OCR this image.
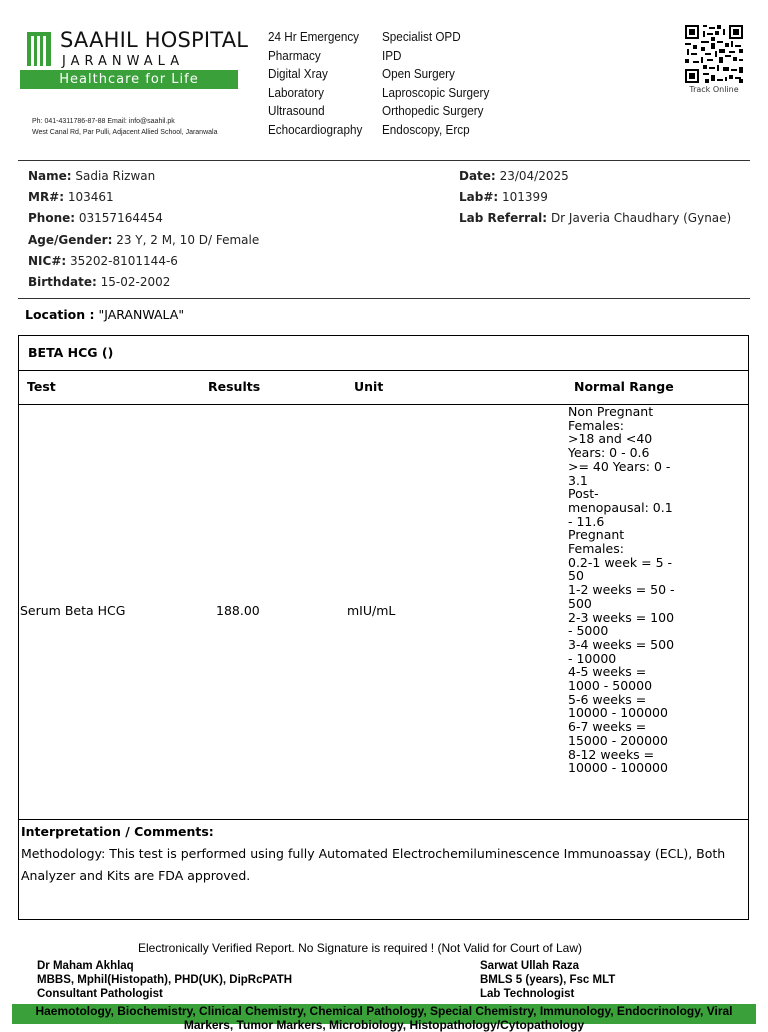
SAAHIL HOSPITAL
JARANWALA
Healthcare for Life
Ph: 041-4311786-87-88 Email: info@saahil.pk
West Canal Rd, Par Pulli, Adjacent Allied School, Jaranwala
24 Hr Emergency
Pharmacy
Digital Xray
Laboratory
Ultrasound
Echocardiography
Specialist OPD
IPD
Open Surgery
Laproscopic Surgery
Orthopedic Surgery
Endoscopy, Ercp
Track Online
Name: Sadia Rizwan
MR#: 103461
Phone: 03157164454
Age/Gender: 23 Y, 2 M, 10 D/ Female
NIC#: 35202-8101144-6
Birthdate: 15-02-2002
Date: 23/04/2025
Lab#: 101399
Lab Referral: Dr Javeria Chaudhary (Gynae)
Location : "JARANWALA"
BETA HCG ()
Test	Results	Unit	Normal Range
Serum Beta HCG	188.00	mIU/mL
Non Pregnant Females:
>18 and <40 Years: 0 - 0.6
>= 40 Years: 0 - 3.1
Post-menopausal: 0.1 - 11.6
Pregnant Females:
0.2-1 week = 5 - 50
1-2 weeks = 50 - 500
2-3 weeks = 100 - 5000
3-4 weeks = 500 - 10000
4-5 weeks = 1000 - 50000
5-6 weeks = 10000 - 100000
6-7 weeks = 15000 - 200000
8-12 weeks = 10000 - 100000
Interpretation / Comments:
Methodology: This test is performed using fully Automated Electrochemiluminescence Immunoassay (ECL), Both Analyzer and Kits are FDA approved.
Electronically Verified Report. No Signature is required ! (Not Valid for Court of Law)
Dr Maham Akhlaq
MBBS, Mphil(Histopath), PHD(UK), DipRcPATH
Consultant Pathologist
Sarwat Ullah Raza
BMLS 5 (years), Fsc MLT
Lab Technologist
Haemotology, Biochemistry, Clinical Chemistry, Chemical Pathology, Special Chemistry, Immunology, Endocrinology, Viral Markers, Tumor Markers, Microbiology, Histopathology/Cytopathology
